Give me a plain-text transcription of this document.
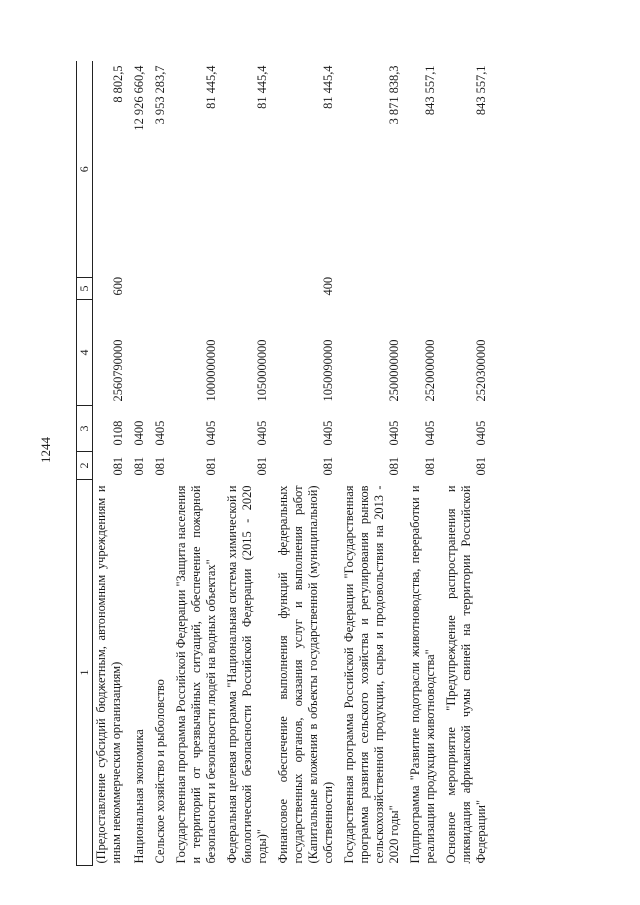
1244
1	2	3	4	5	6
(Предоставление субсидий бюджетным, автономным учреждениям и иным некоммерческим организациям)	081	0108	2560790000	600	8 802,5
Национальная экономика	081	0400			12 926 660,4
Сельское хозяйство и рыболовство	081	0405			3 953 283,7
Государственная программа Российской Федерации "Защита населения и территорий от чрезвычайных ситуаций, обеспечение пожарной безопасности и безопасности людей на водных объектах"	081	0405	1000000000		81 445,4
Федеральная целевая программа "Национальная система химической и биологической безопасности Российской Федерации (2015 - 2020 годы)"	081	0405	1050000000		81 445,4
Финансовое обеспечение выполнения функций федеральных государственных органов, оказания услуг и выполнения работ (Капитальные вложения в объекты государственной (муниципальной) собственности)	081	0405	1050090000	400	81 445,4
Государственная программа Российской Федерации "Государственная программа развития сельского хозяйства и регулирования рынков сельскохозяйственной продукции, сырья и продовольствия на 2013 - 2020 годы"	081	0405	2500000000		3 871 838,3
Подпрограмма "Развитие подотрасли животноводства, переработки и реализации продукции животноводства"	081	0405	2520000000		843 557,1
Основное мероприятие "Предупреждение распространения и ликвидация африканской чумы свиней на территории Российской Федерации"	081	0405	2520300000		843 557,1
